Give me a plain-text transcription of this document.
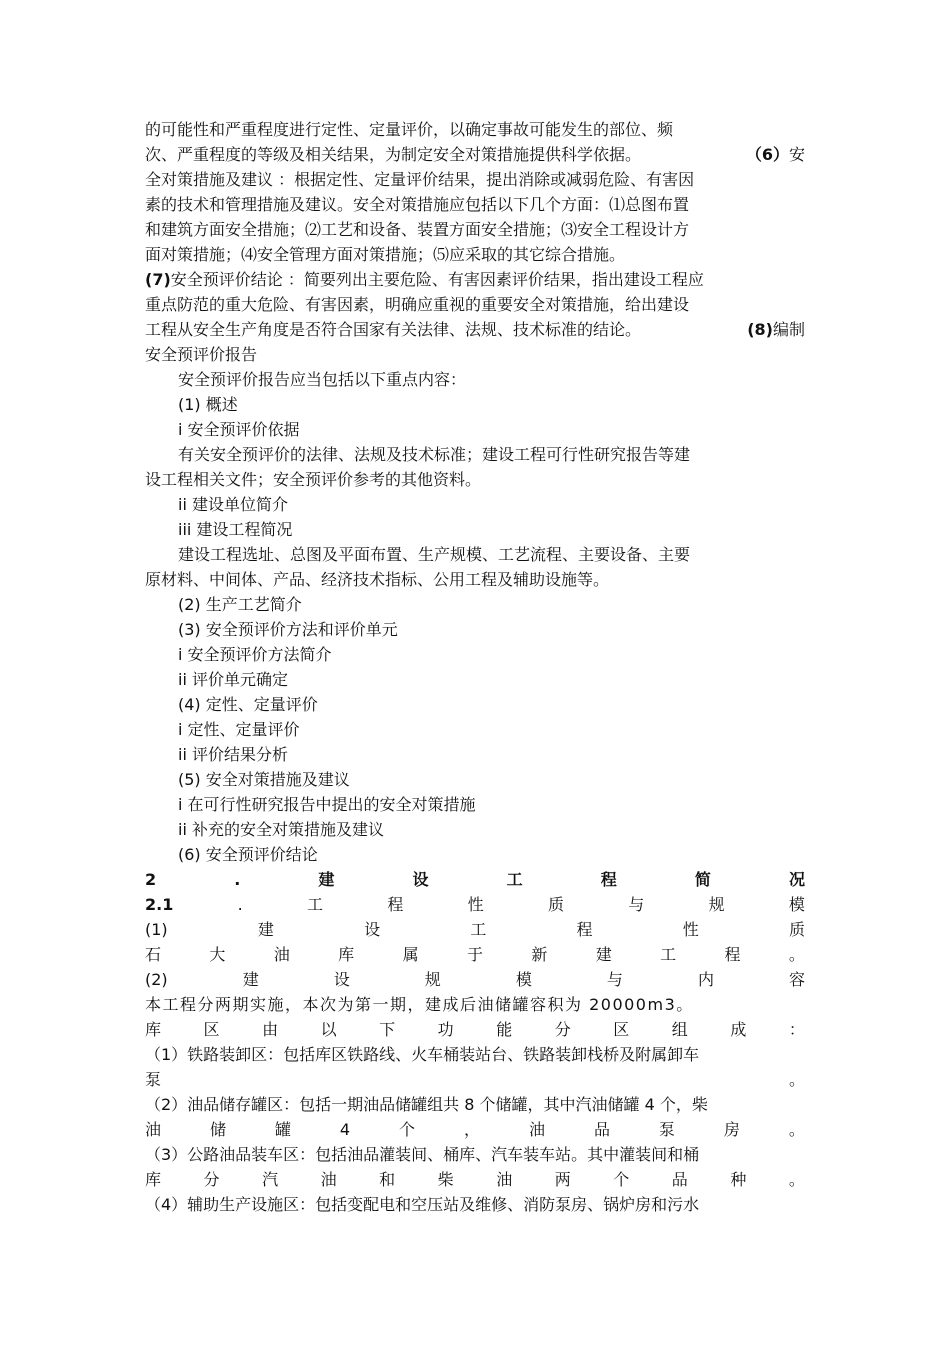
的可能性和严重程度进行定性、定量评价，以确定事故可能发生的部位、频
次、严重程度的等级及相关结果，为制定安全对策措施提供科学依据。	（6）安
全对策措施及建议 ：根据定性、定量评价结果，提出消除或减弱危险、有害因
素的技术和管理措施及建议。安全对策措施应包括以下几个方面：⑴总图布置
和建筑方面安全措施；⑵工艺和设备、装置方面安全措施；⑶安全工程设计方
面对策措施；⑷安全管理方面对策措施；⑸应采取的其它综合措施。
(7)安全预评价结论 ：简要列出主要危险、有害因素评价结果，指出建设工程应
重点防范的重大危险、有害因素，明确应重视的重要安全对策措施，给出建设
工程从安全生产角度是否符合国家有关法律、法规、技术标准的结论。	(8)编制
安全预评价报告
安全预评价报告应当包括以下重点内容：
(1) 概述
i 安全预评价依据
有关安全预评价的法律、法规及技术标准；建设工程可行性研究报告等建
设工程相关文件；安全预评价参考的其他资料。
ii 建设单位简介
iii 建设工程简况
建设工程选址、总图及平面布置、生产规模、工艺流程、主要设备、主要
原材料、中间体、产品、经济技术指标、公用工程及辅助设施等。
(2) 生产工艺简介
(3) 安全预评价方法和评价单元
i 安全预评价方法简介
ii 评价单元确定
(4) 定性、定量评价
i 定性、定量评价
ii 评价结果分析
(5) 安全对策措施及建议
i 在可行性研究报告中提出的安全对策措施
ii 补充的安全对策措施及建议
(6) 安全预评价结论
2	.	建	设	工	程	简	况
2.1	.	工	程	性	质	与	规	模
(1)	建	设	工	程	性	质
石	大	油	库	属	于	新	建	工	程	。
(2)	建	设	规	模	与	内	容
本工程分两期实施，本次为第一期，建成后油储罐容积为 20000m3。
库	区	由	以	下	功	能	分	区	组	成	：
（1）铁路装卸区：包括库区铁路线、火车桶装站台、铁路装卸栈桥及附属卸车
泵	。
（2）油品储存罐区：包括一期油品储罐组共 8 个储罐，其中汽油储罐 4 个，柴
油	储	罐	4	个	，	油	品	泵	房	。
（3）公路油品装车区：包括油品灌装间、桶库、汽车装车站。其中灌装间和桶
库	分	汽	油	和	柴	油	两	个	品	种	。
（4）辅助生产设施区：包括变配电和空压站及维修、消防泵房、锅炉房和污水
